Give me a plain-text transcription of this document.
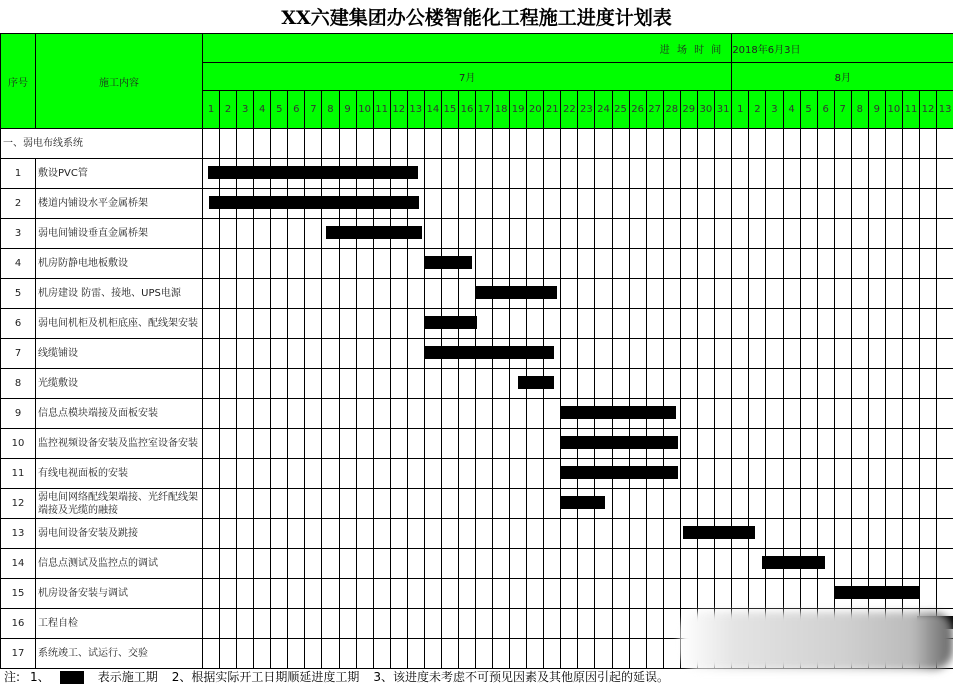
XX六建集团办公楼智能化工程施工进度计划表
序号	施工内容	进 场 时 间																															2018年6月3日												
		7月																															8月												
		1	2	3	4	5	6	7	8	9	10	11	12	13	14	15	16	17	18	19	20	21	22	23	24	25	26	27	28	29	30	31	1	2	3	4	5	6	7	8	9	10	11	12	13
一、弱电布线系统																																													
1	敷设PVC管																																												
2	楼道内铺设水平金属桥架																																												
3	弱电间铺设垂直金属桥架																																												
4	机房防静电地板敷设																																												
5	机房建设 防雷、接地、UPS电源																																												
6	弱电间机柜及机柜底座、配线架安装																																												
7	线缆铺设																																												
8	光缆敷设																																												
9	信息点模块端接及面板安装																																												
10	监控视频设备安装及监控室设备安装																																												
11	有线电视面板的安装																																												
12	弱电间网络配线架端接、光纤配线架端接及光缆的融接																																												
13	弱电间设备安装及跳接																																												
14	信息点测试及监控点的调试																																												
15	机房设备安装与调试																																												
16	工程自检																																												
17	系统竣工、试运行、交验																																												
注: 1、	表示施工期 2、根据实际开工日期顺延进度工期 3、该进度未考虑不可预见因素及其他原因引起的延误。
